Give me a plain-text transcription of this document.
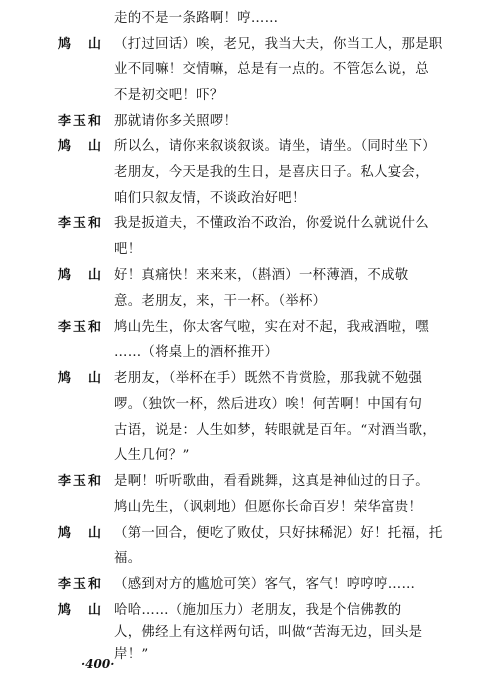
走的不是一条路啊！哼……
鸠　山 （打过回话）唉，老兄，我当大夫，你当工人，那是职
业不同嘛！交情嘛，总是有一点的。不管怎么说，总
不是初交吧！吓？
李玉和 那就请你多关照啰！
鸠　山 所以么，请你来叙谈叙谈。请坐，请坐。（同时坐下）
老朋友，今天是我的生日，是喜庆日子。私人宴会，
咱们只叙友情，不谈政治好吧！
李玉和 我是扳道夫，不懂政治不政治，你爱说什么就说什么
吧！
鸠　山 好！真痛快！来来来，（斟酒）一杯薄酒，不成敬
意。老朋友，来，干一杯。（举杯）
李玉和 鸠山先生，你太客气啦，实在对不起，我戒酒啦，嘿
……（将桌上的酒杯推开）
鸠　山 老朋友，（举杯在手）既然不肯赏脸，那我就不勉强
啰。（独饮一杯，然后进攻）唉！何苦啊！中国有句
古语，说是：人生如梦，转眼就是百年。“对酒当歌，
人生几何？”
李玉和 是啊！听听歌曲，看看跳舞，这真是神仙过的日子。
鸠山先生，（讽刺地）但愿你长命百岁！荣华富贵！
鸠　山 （第一回合，便吃了败仗，只好抹稀泥）好！托福，托
福。
李玉和 （感到对方的尴尬可笑）客气，客气！哼哼哼……
鸠　山 哈哈……（施加压力）老朋友，我是个信佛教的
人，佛经上有这样两句话，叫做“苦海无边，回头是
岸！”
·400·
